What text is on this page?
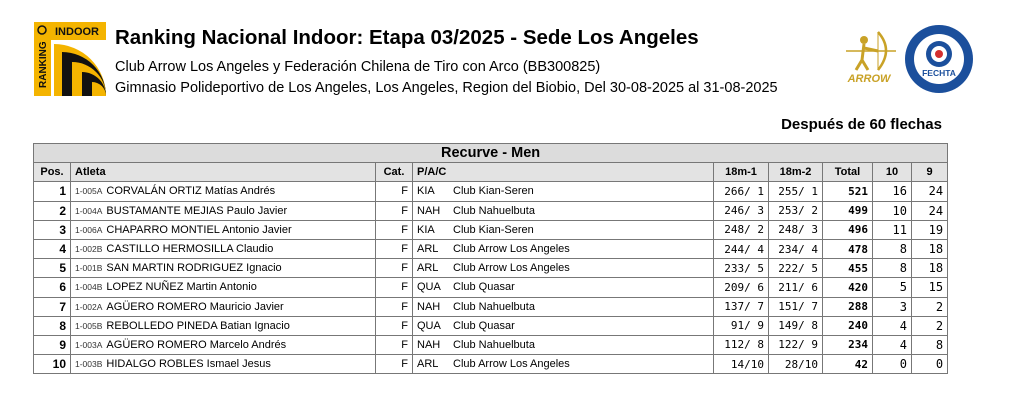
INDOOR
RANKING
Ranking Nacional Indoor: Etapa 03/2025 - Sede Los Angeles
Club Arrow Los Angeles y Federación Chilena de Tiro con Arco (BB300825)
Gimnasio Polideportivo de Los Angeles, Los Angeles, Region del Biobio, Del 30-08-2025 al 31-08-2025
ARROW	FECHTA
Después de 60 flechas
Recurve - Men								
Pos.	Atleta	Cat.	P/A/C	18m-1	18m-2	Total	10	9
1	1-005A CORVALÁN ORTIZ Matías Andrés	F	KIA Club Kian-Seren	266/ 1	255/ 1	521	16	24
2	1-004A BUSTAMANTE MEJIAS Paulo Javier	F	NAH Club Nahuelbuta	246/ 3	253/ 2	499	10	24
3	1-006A CHAPARRO MONTIEL Antonio Javier	F	KIA Club Kian-Seren	248/ 2	248/ 3	496	11	19
4	1-002B CASTILLO HERMOSILLA Claudio	F	ARL Club Arrow Los Angeles	244/ 4	234/ 4	478	8	18
5	1-001B SAN MARTIN RODRIGUEZ Ignacio	F	ARL Club Arrow Los Angeles	233/ 5	222/ 5	455	8	18
6	1-004B LOPEZ NUÑEZ Martin Antonio	F	QUA Club Quasar	209/ 6	211/ 6	420	5	15
7	1-002A AGÜERO ROMERO Mauricio Javier	F	NAH Club Nahuelbuta	137/ 7	151/ 7	288	3	2
8	1-005B REBOLLEDO PINEDA Batian Ignacio	F	QUA Club Quasar	91/ 9	149/ 8	240	4	2
9	1-003A AGÜERO ROMERO Marcelo Andrés	F	NAH Club Nahuelbuta	112/ 8	122/ 9	234	4	8
10	1-003B HIDALGO ROBLES Ismael Jesus	F	ARL Club Arrow Los Angeles	14/10	28/10	42	0	0
